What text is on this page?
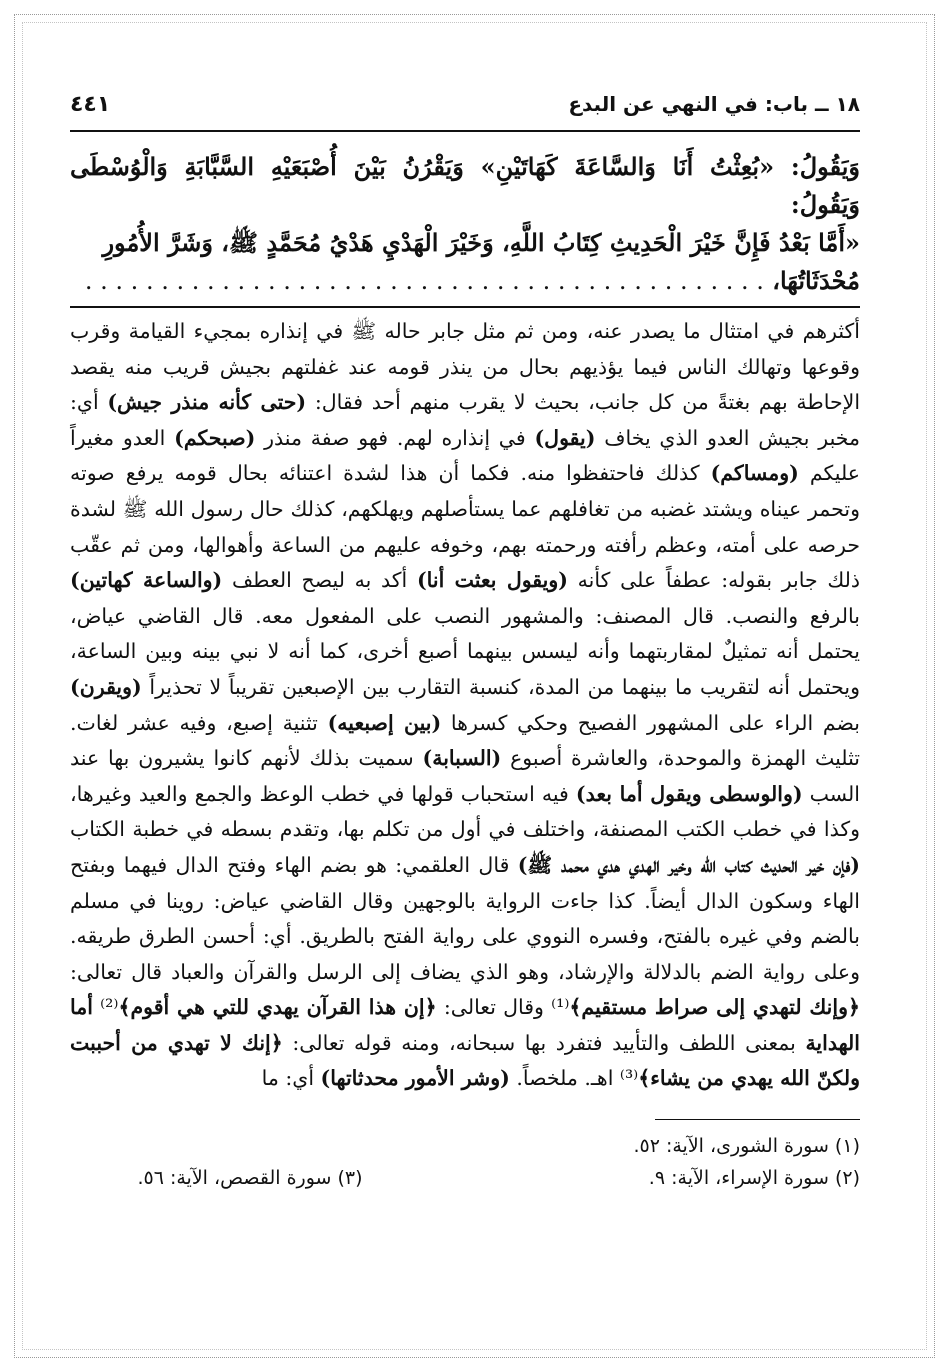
١٨ ــ باب: في النهي عن البدع
٤٤١
وَيَقُولُ: «بُعِثْتُ أَنَا وَالسَّاعَةَ كَهَاتَيْنِ» وَيَقْرُنُ بَيْنَ أُصْبَعَيْهِ السَّبَّابَةِ وَالْوُسْطَى وَيَقُولُ:
«أَمَّا بَعْدُ فَإِنَّ خَيْرَ الْحَدِيثِ كِتَابُ اللَّهِ، وَخَيْرَ الْهَدْيِ هَدْيُ مُحَمَّدٍ ﷺ، وَشَرَّ الأُمُورِ
مُحْدَثَاتُهَا، . . . . . . . . . . . . . . . . . . . . . . . . . . . . . . . . . . . . . . . . . . . . .

أكثرهم في امتثال ما يصدر عنه، ومن ثم مثل جابر حاله ﷺ في إنذاره بمجيء القيامة وقرب وقوعها وتهالك الناس فيما يؤذيهم بحال من ينذر قومه عند غفلتهم بجيش قريب منه يقصد الإحاطة بهم بغتةً من كل جانب، بحيث لا يقرب منهم أحد فقال: (حتى كأنه منذر جيش) أي: مخبر بجيش العدو الذي يخاف (يقول) في إنذاره لهم. فهو صفة منذر (صبحكم) العدو مغيراً عليكم (ومساكم) كذلك فاحتفظوا منه. فكما أن هذا لشدة اعتنائه بحال قومه يرفع صوته وتحمر عيناه ويشتد غضبه من تغافلهم عما يستأصلهم ويهلكهم، كذلك حال رسول الله ﷺ لشدة حرصه على أمته، وعظم رأفته ورحمته بهم، وخوفه عليهم من الساعة وأهوالها، ومن ثم عقّب ذلك جابر بقوله: عطفاً على كأنه (ويقول بعثت أنا) أكد به ليصح العطف (والساعة كهاتين) بالرفع والنصب. قال المصنف: والمشهور النصب على المفعول معه. قال القاضي عياض، يحتمل أنه تمثيلٌ لمقاربتهما وأنه ليسس بينهما أصبع أخرى، كما أنه لا نبي بينه وبين الساعة، ويحتمل أنه لتقريب ما بينهما من المدة، كنسبة التقارب بين الإصبعين تقريباً لا تحذيراً (ويقرن) بضم الراء على المشهور الفصيح وحكي كسرها (بين إصبعيه) تثنية إصبع، وفيه عشر لغات. تثليث الهمزة والموحدة، والعاشرة أصبوع (السبابة) سميت بذلك لأنهم كانوا يشيرون بها عند السب (والوسطى ويقول أما بعد) فيه استحباب قولها في خطب الوعظ والجمع والعيد وغيرها، وكذا في خطب الكتب المصنفة، واختلف في أول من تكلم بها، وتقدم بسطه في خطبة الكتاب (فإن خير الحديث كتاب الله وخير الهدي هدي محمد ﷺ) قال العلقمي: هو بضم الهاء وفتح الدال فيهما وبفتح الهاء وسكون الدال أيضاً. كذا جاءت الرواية بالوجهين وقال القاضي عياض: روينا في مسلم بالضم وفي غيره بالفتح، وفسره النووي على رواية الفتح بالطريق. أي: أحسن الطرق طريقه. وعلى رواية الضم بالدلالة والإرشاد، وهو الذي يضاف إلى الرسل والقرآن والعباد قال تعالى: ﴿وإنك لتهدي إلى صراط مستقيم﴾⁽¹⁾ وقال تعالى: ﴿إن هذا القرآن يهدي للتي هي أقوم﴾⁽²⁾ أما الهداية بمعنى اللطف والتأييد فتفرد بها سبحانه، ومنه قوله تعالى: ﴿إنك لا تهدي من أحببت ولكنّ الله يهدي من يشاء﴾⁽³⁾ اهـ. ملخصاً. (وشر الأمور محدثاتها) أي: ما

(١) سورة الشورى، الآية: ٥٢.
(٢) سورة الإسراء، الآية: ٩.
(٣) سورة القصص، الآية: ٥٦.
